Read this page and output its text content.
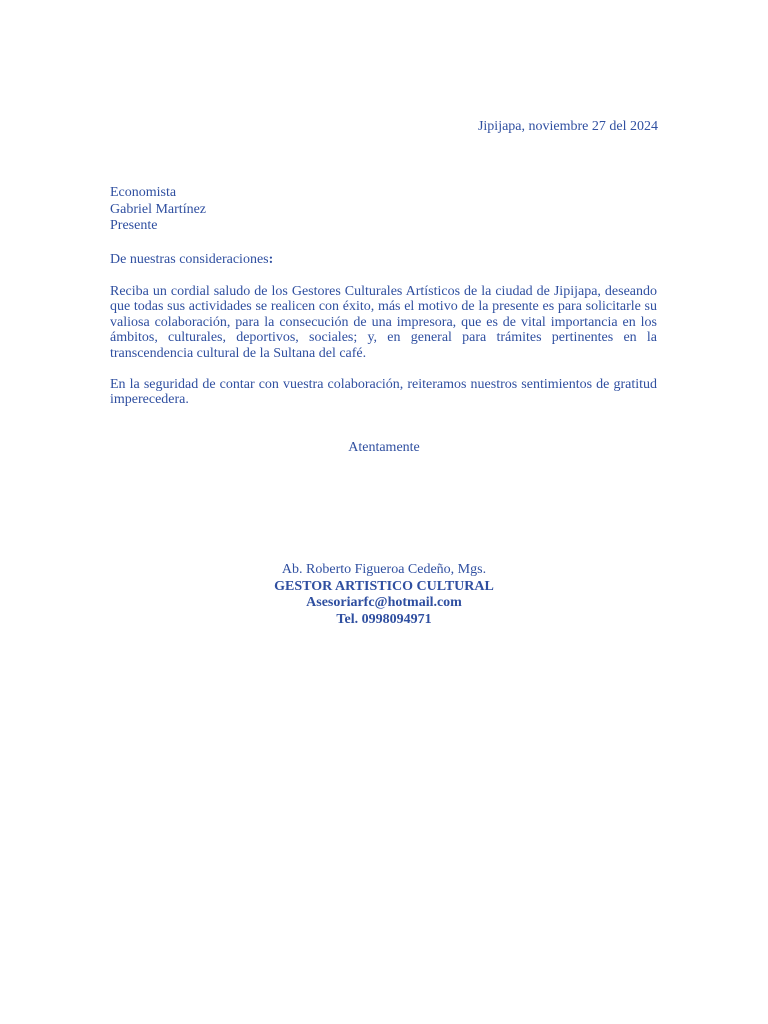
Jipijapa, noviembre 27 del 2024
Economista
Gabriel Martínez
Presente
De nuestras consideraciones:

Reciba un cordial saludo de los Gestores Culturales Artísticos de la ciudad de Jipijapa, deseando que todas sus actividades se realicen con éxito, más el motivo de la presente es para solicitarle su valiosa colaboración, para la consecución de una impresora, que es de vital importancia en los ámbitos, culturales, deportivos, sociales; y, en general para trámites pertinentes en la transcendencia cultural de la Sultana del café.

En la seguridad de contar con vuestra colaboración, reiteramos nuestros sentimientos de gratitud imperecedera.

Atentamente
Ab. Roberto Figueroa Cedeño, Mgs.
GESTOR ARTISTICO CULTURAL
Asesoriarfc@hotmail.com
Tel. 0998094971
